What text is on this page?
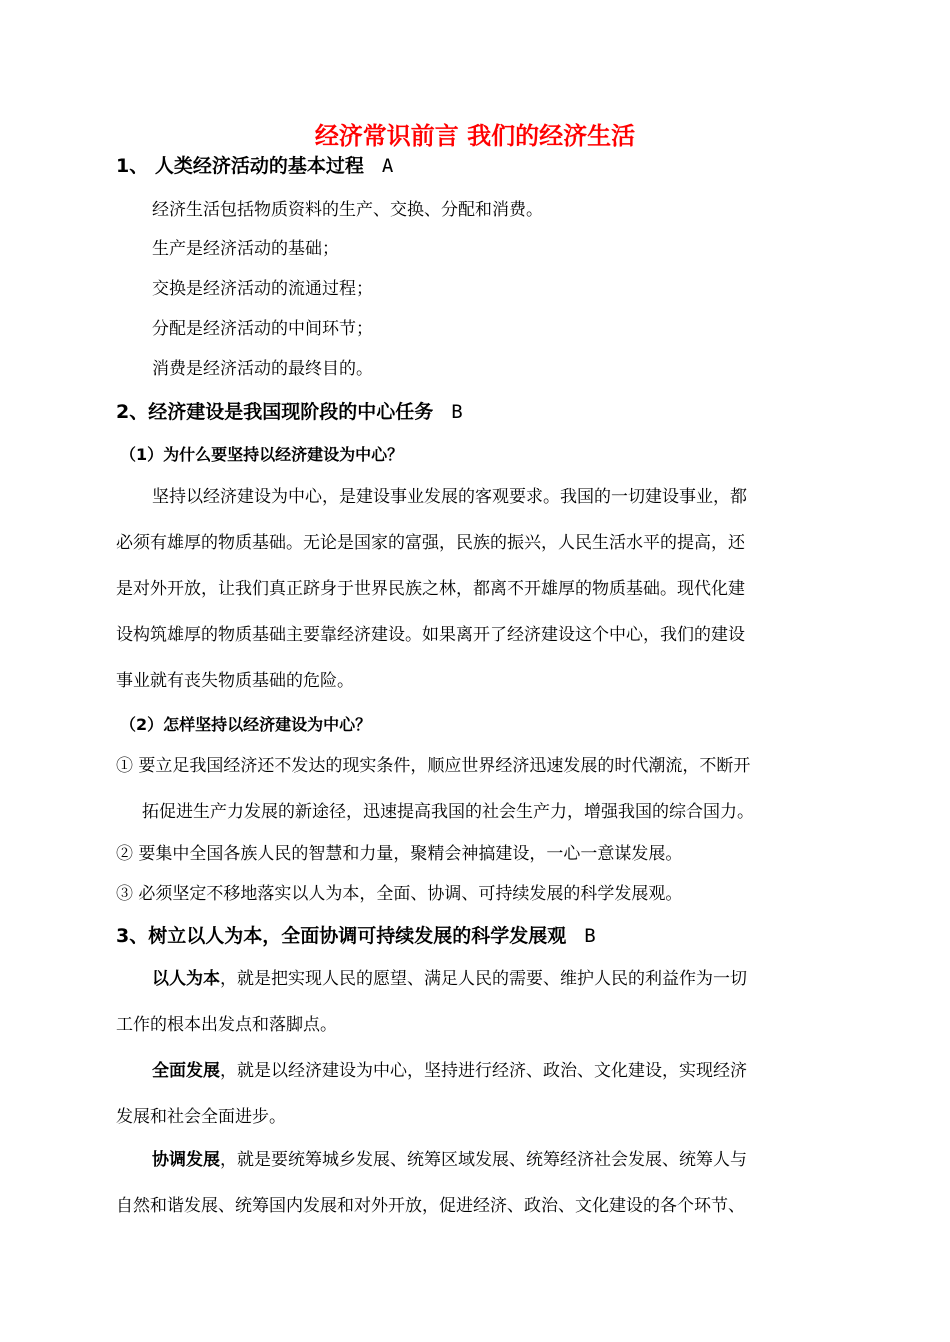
经济常识前言 我们的经济生活
1、 人类经济活动的基本过程 A
经济生活包括物质资料的生产、交换、分配和消费。
生产是经济活动的基础；
交换是经济活动的流通过程；
分配是经济活动的中间环节；
消费是经济活动的最终目的。
2、经济建设是我国现阶段的中心任务 B
（1）为什么要坚持以经济建设为中心？
坚持以经济建设为中心，是建设事业发展的客观要求。我国的一切建设事业，都
必须有雄厚的物质基础。无论是国家的富强，民族的振兴，人民生活水平的提高，还
是对外开放，让我们真正跻身于世界民族之林，都离不开雄厚的物质基础。现代化建
设构筑雄厚的物质基础主要靠经济建设。如果离开了经济建设这个中心，我们的建设
事业就有丧失物质基础的危险。
（2）怎样坚持以经济建设为中心？
① 要立足我国经济还不发达的现实条件，顺应世界经济迅速发展的时代潮流，不断开
拓促进生产力发展的新途径，迅速提高我国的社会生产力，增强我国的综合国力。
② 要集中全国各族人民的智慧和力量，聚精会神搞建设，一心一意谋发展。
③ 必须坚定不移地落实以人为本，全面、协调、可持续发展的科学发展观。
3、树立以人为本，全面协调可持续发展的科学发展观 B
以人为本，就是把实现人民的愿望、满足人民的需要、维护人民的利益作为一切
工作的根本出发点和落脚点。
全面发展，就是以经济建设为中心，坚持进行经济、政治、文化建设，实现经济
发展和社会全面进步。
协调发展，就是要统筹城乡发展、统筹区域发展、统筹经济社会发展、统筹人与
自然和谐发展、统筹国内发展和对外开放，促进经济、政治、文化建设的各个环节、
